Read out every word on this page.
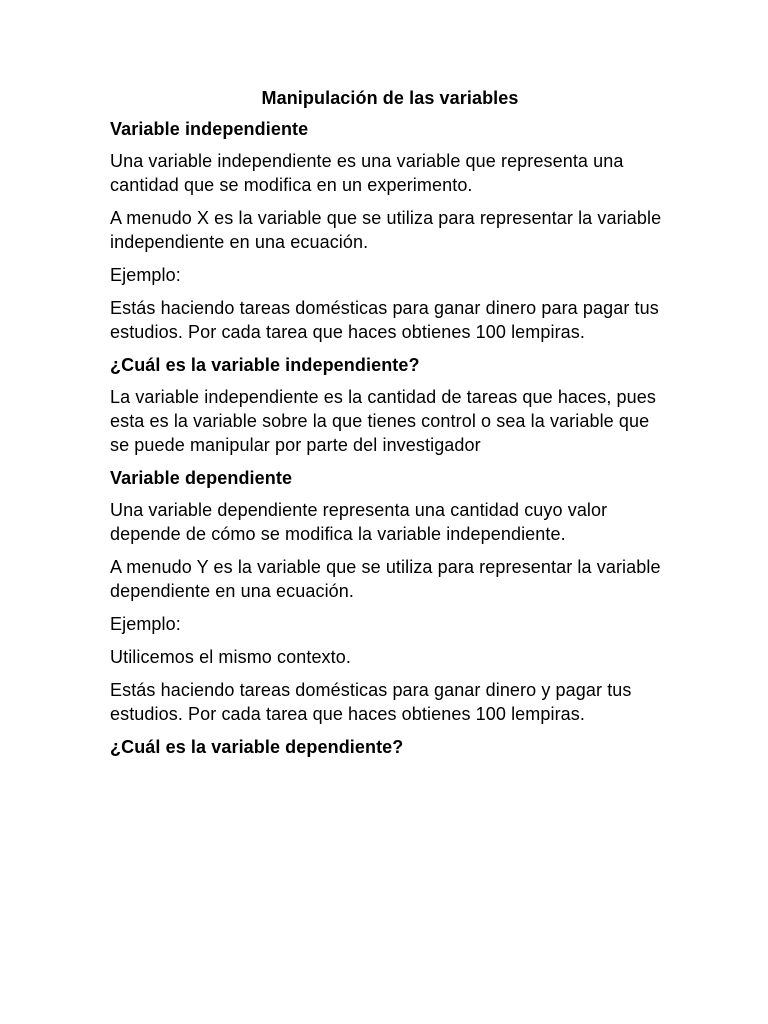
Manipulación de las variables
Variable independiente
Una variable independiente es una variable que representa una cantidad que se modifica en un experimento.
A menudo X es la variable que se utiliza para representar la variable independiente en una ecuación.
Ejemplo:
Estás haciendo tareas domésticas para ganar dinero para pagar tus estudios. Por cada tarea que haces obtienes 100 lempiras.
¿Cuál es la variable independiente?
La variable independiente es la cantidad de tareas que haces, pues esta es la variable sobre la que tienes control o sea la variable que se puede manipular por parte del investigador
Variable dependiente
Una variable dependiente representa una cantidad cuyo valor depende de cómo se modifica la variable independiente.
A menudo Y es la variable que se utiliza para representar la variable dependiente en una ecuación.
Ejemplo:
Utilicemos el mismo contexto.
Estás haciendo tareas domésticas para ganar dinero y pagar tus estudios. Por cada tarea que haces obtienes 100 lempiras.
¿Cuál es la variable dependiente?
